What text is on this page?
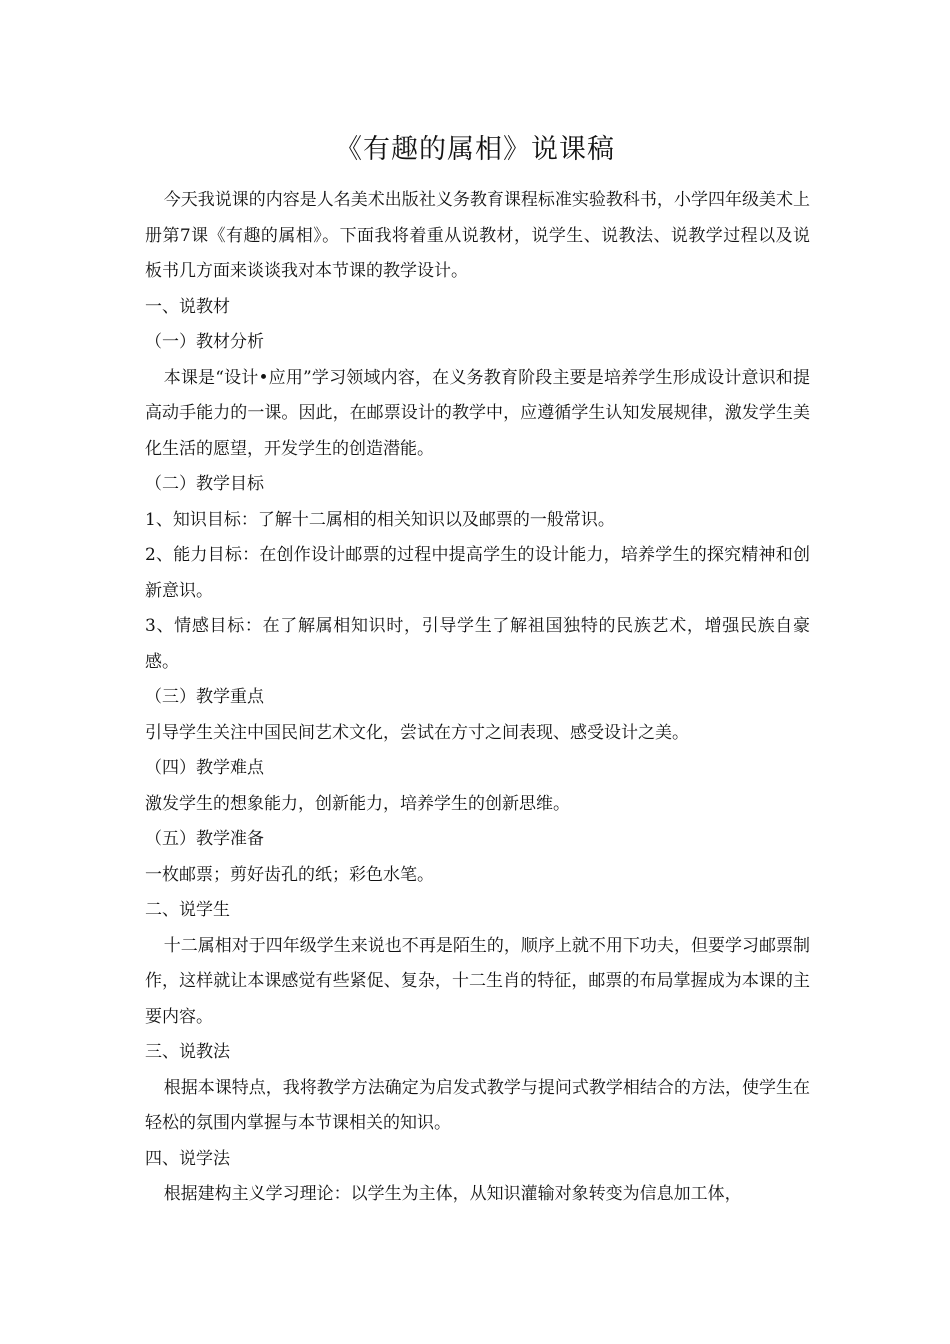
《有趣的属相》说课稿

今天我说课的内容是人名美术出版社义务教育课程标准实验教科书，小学四年级美术上册第7课《有趣的属相》。下面我将着重从说教材，说学生、说教法、说教学过程以及说板书几方面来谈谈我对本节课的教学设计。

一、说教材

（一）教材分析

本课是“设计•应用”学习领域内容，在义务教育阶段主要是培养学生形成设计意识和提高动手能力的一课。因此，在邮票设计的教学中，应遵循学生认知发展规律，激发学生美化生活的愿望，开发学生的创造潜能。

（二）教学目标

1、知识目标：了解十二属相的相关知识以及邮票的一般常识。

2、能力目标：在创作设计邮票的过程中提高学生的设计能力，培养学生的探究精神和创新意识。

3、情感目标：在了解属相知识时，引导学生了解祖国独特的民族艺术，增强民族自豪感。

（三）教学重点

引导学生关注中国民间艺术文化，尝试在方寸之间表现、感受设计之美。

（四）教学难点

激发学生的想象能力，创新能力，培养学生的创新思维。

（五）教学准备

一枚邮票；剪好齿孔的纸；彩色水笔。

二、说学生

十二属相对于四年级学生来说也不再是陌生的，顺序上就不用下功夫，但要学习邮票制作，这样就让本课感觉有些紧促、复杂，十二生肖的特征，邮票的布局掌握成为本课的主要内容。

三、说教法

根据本课特点，我将教学方法确定为启发式教学与提问式教学相结合的方法，使学生在轻松的氛围内掌握与本节课相关的知识。

四、说学法

根据建构主义学习理论：以学生为主体，从知识灌输对象转变为信息加工体，
